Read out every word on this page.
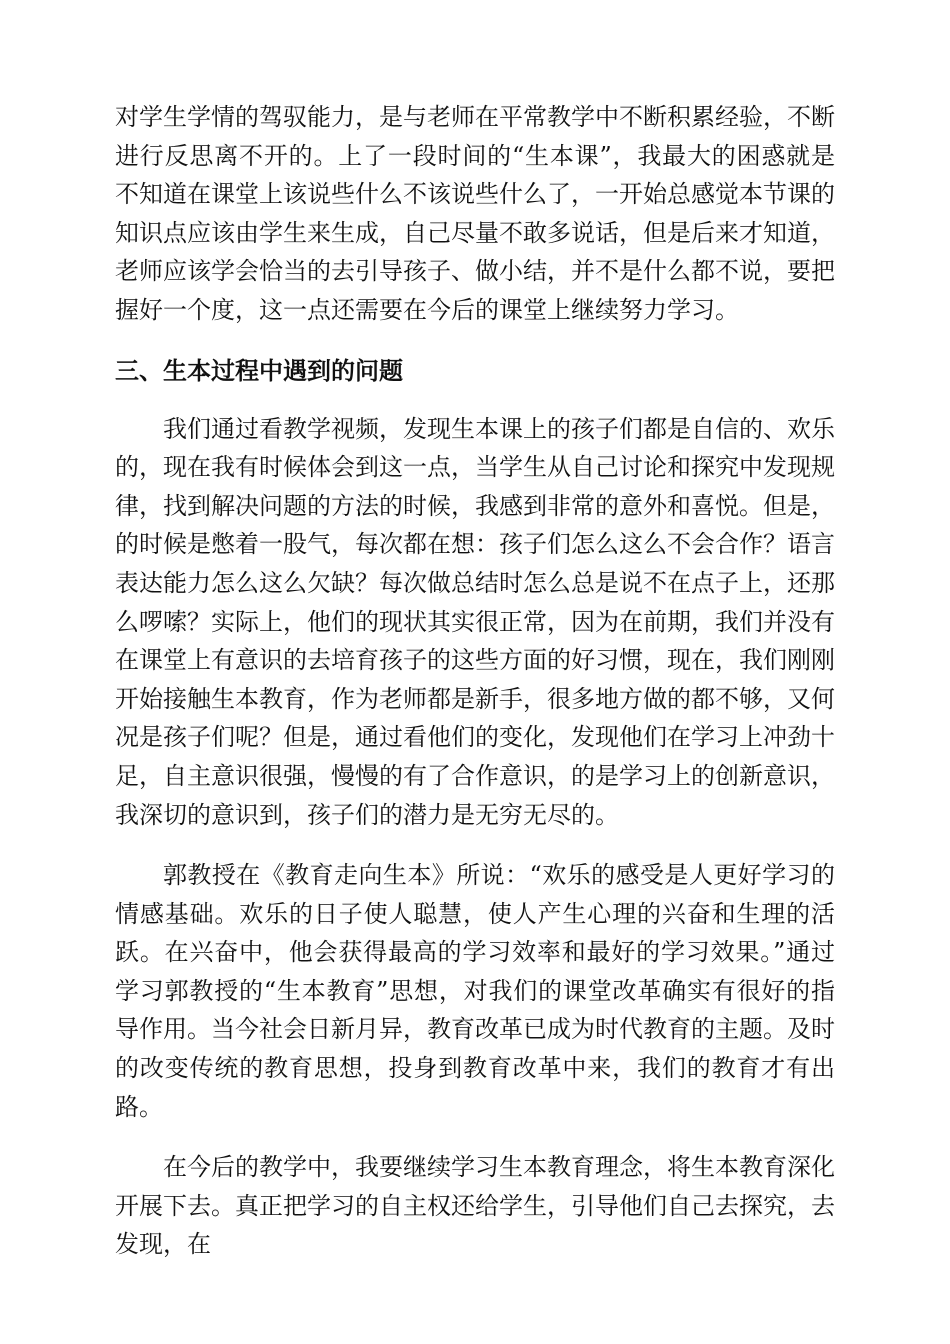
对学生学情的驾驭能力，是与老师在平常教学中不断积累经验，不断进行反思离不开的。上了一段时间的“生本课”，我最大的困惑就是不知道在课堂上该说些什么不该说些什么了，一开始总感觉本节课的知识点应该由学生来生成，自己尽量不敢多说话，但是后来才知道，老师应该学会恰当的去引导孩子、做小结，并不是什么都不说，要把握好一个度，这一点还需要在今后的课堂上继续努力学习。

三、生本过程中遇到的问题

我们通过看教学视频，发现生本课上的孩子们都是自信的、欢乐的，现在我有时候体会到这一点，当学生从自己讨论和探究中发现规律，找到解决问题的方法的时候，我感到非常的意外和喜悦。但是，的时候是憋着一股气，每次都在想：孩子们怎么这么不会合作？语言表达能力怎么这么欠缺？每次做总结时怎么总是说不在点子上，还那么啰嗦？实际上，他们的现状其实很正常，因为在前期，我们并没有在课堂上有意识的去培育孩子的这些方面的好习惯，现在，我们刚刚开始接触生本教育，作为老师都是新手，很多地方做的都不够，又何况是孩子们呢？但是，通过看他们的变化，发现他们在学习上冲劲十足，自主意识很强，慢慢的有了合作意识，的是学习上的创新意识，我深切的意识到，孩子们的潜力是无穷无尽的。

郭教授在《教育走向生本》所说：“欢乐的感受是人更好学习的情感基础。欢乐的日子使人聪慧，使人产生心理的兴奋和生理的活跃。在兴奋中，他会获得最高的学习效率和最好的学习效果。”通过学习郭教授的“生本教育”思想，对我们的课堂改革确实有很好的指导作用。当今社会日新月异，教育改革已成为时代教育的主题。及时的改变传统的教育思想，投身到教育改革中来，我们的教育才有出路。

在今后的教学中，我要继续学习生本教育理念，将生本教育深化开展下去。真正把学习的自主权还给学生，引导他们自己去探究，去发现，在
